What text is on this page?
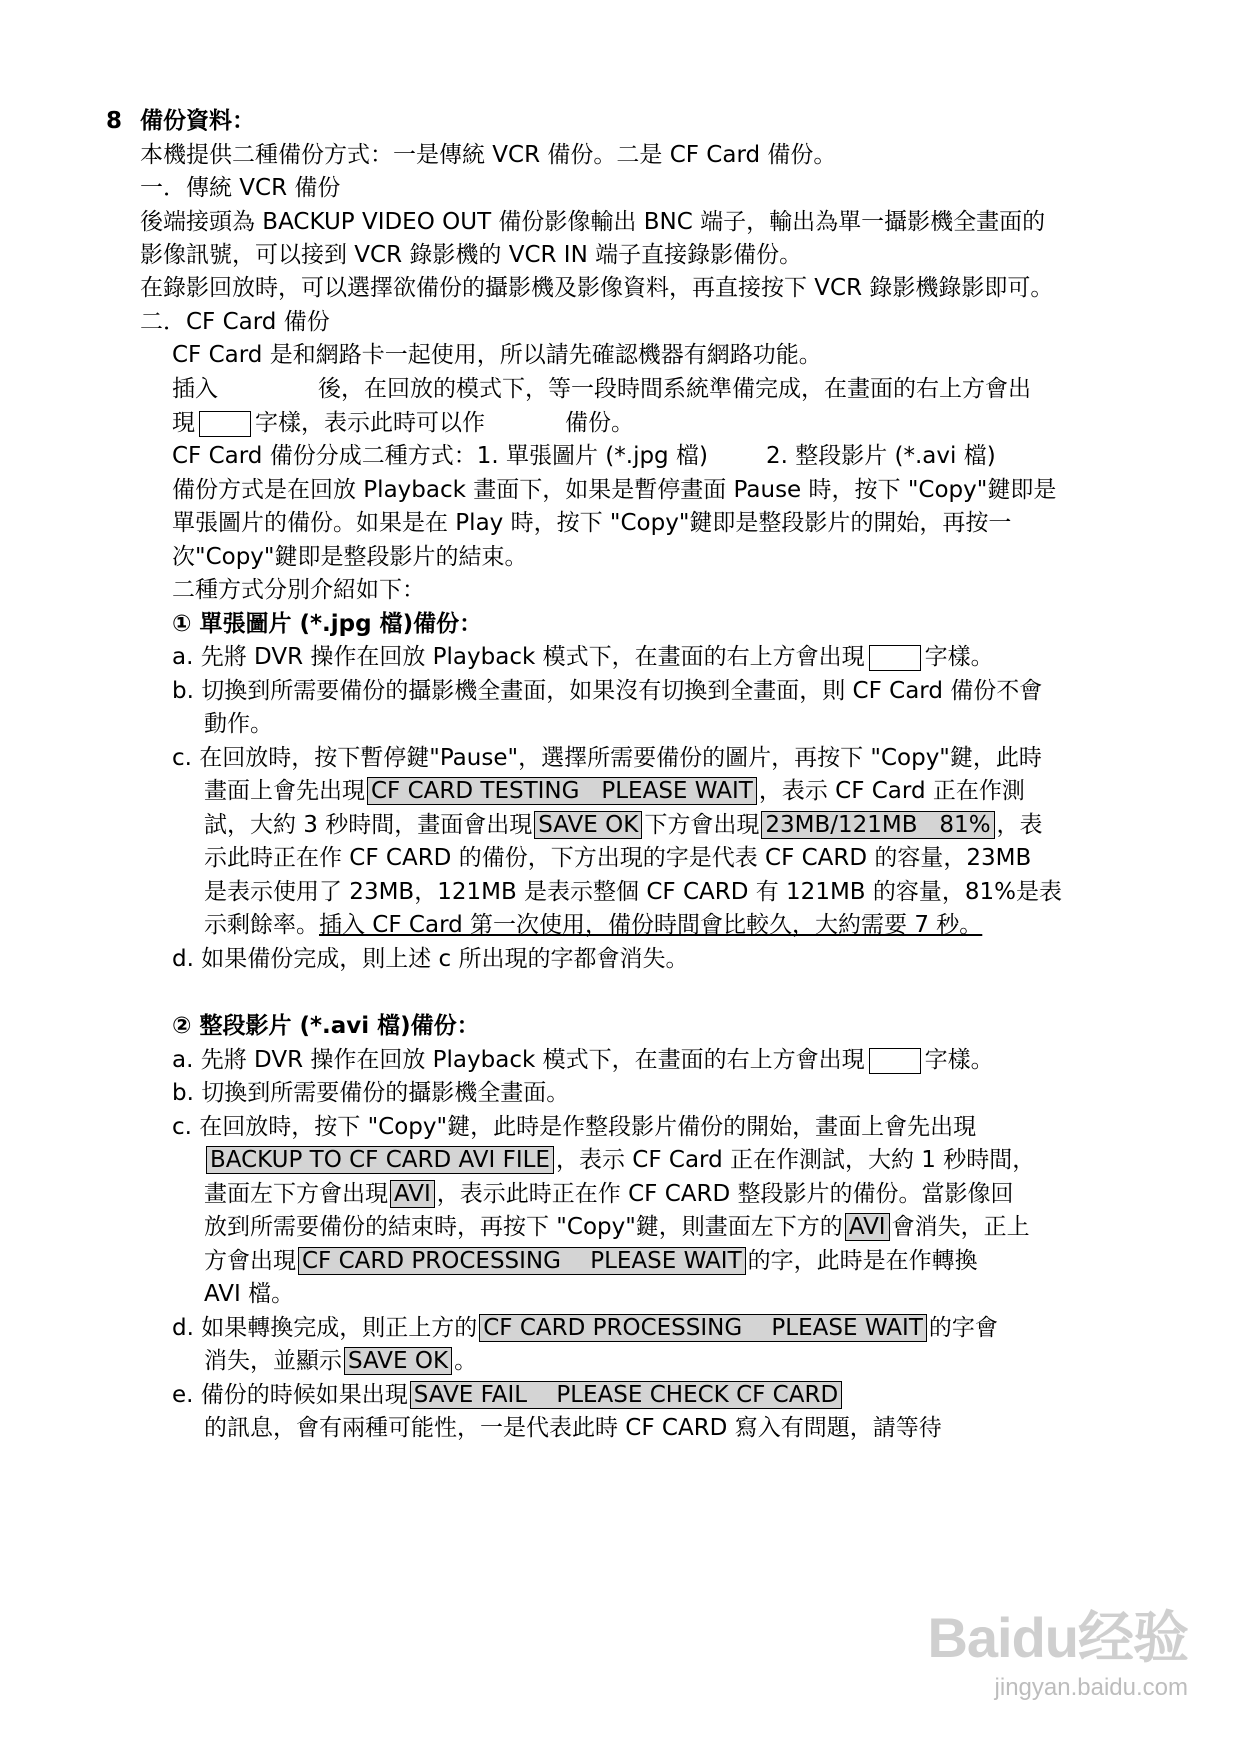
8 備份資料：
本機提供二種備份方式：一是傳統 VCR 備份。二是 CF Card 備份。
一．傳統 VCR 備份
後端接頭為 BACKUP VIDEO OUT 備份影像輸出 BNC 端子，輸出為單一攝影機全畫面的
影像訊號，可以接到 VCR 錄影機的 VCR IN 端子直接錄影備份。
在錄影回放時，可以選擇欲備份的攝影機及影像資料，再直接按下 VCR 錄影機錄影即可。
二．CF Card 備份
CF Card 是和網路卡一起使用，所以請先確認機器有網路功能。
插入	後，在回放的模式下，等一段時間系統準備完成，在畫面的右上方會出
現	字樣，表示此時可以作	備份。
CF Card 備份分成二種方式：1. 單張圖片 (*.jpg 檔)	2. 整段影片 (*.avi 檔)
備份方式是在回放 Playback 畫面下，如果是暫停畫面 Pause 時，按下 "Copy"鍵即是
單張圖片的備份。如果是在 Play 時，按下 "Copy"鍵即是整段影片的開始，再按一
次"Copy"鍵即是整段影片的結束。
二種方式分別介紹如下：
① 單張圖片 (*.jpg 檔)備份：
a. 先將 DVR 操作在回放 Playback 模式下，在畫面的右上方會出現	字樣。
b. 切換到所需要備份的攝影機全畫面，如果沒有切換到全畫面，則 CF Card 備份不會
動作。
c. 在回放時，按下暫停鍵"Pause"，選擇所需要備份的圖片，再按下 "Copy"鍵，此時
畫面上會先出現 CF CARD TESTING   PLEASE WAIT ，表示 CF Card 正在作測
試，大約 3 秒時間，畫面會出現 SAVE OK 下方會出現 23MB/121MB   81% ，表
示此時正在作 CF CARD 的備份，下方出現的字是代表 CF CARD 的容量，23MB
是表示使用了 23MB，121MB 是表示整個 CF CARD 有 121MB 的容量，81%是表
示剩餘率。插入 CF Card 第一次使用，備份時間會比較久，大約需要 7 秒。
d. 如果備份完成，則上述 c 所出現的字都會消失。
② 整段影片 (*.avi 檔)備份：
a. 先將 DVR 操作在回放 Playback 模式下，在畫面的右上方會出現	字樣。
b. 切換到所需要備份的攝影機全畫面。
c. 在回放時，按下 "Copy"鍵，此時是作整段影片備份的開始，畫面上會先出現
BACKUP TO CF CARD AVI FILE ，表示 CF Card 正在作測試，大約 1 秒時間，
畫面左下方會出現 AVI ，表示此時正在作 CF CARD 整段影片的備份。當影像回
放到所需要備份的結束時，再按下 "Copy"鍵，則畫面左下方的 AVI 會消失，正上
方會出現 CF CARD PROCESSING    PLEASE WAIT 的字，此時是在作轉換
AVI 檔。
d. 如果轉換完成，則正上方的 CF CARD PROCESSING    PLEASE WAIT 的字會
消失，並顯示 SAVE OK 。
e. 備份的時候如果出現 SAVE FAIL    PLEASE CHECK CF CARD
的訊息，會有兩種可能性，一是代表此時 CF CARD 寫入有問題，請等待
Baidu经验
jingyan.baidu.com
